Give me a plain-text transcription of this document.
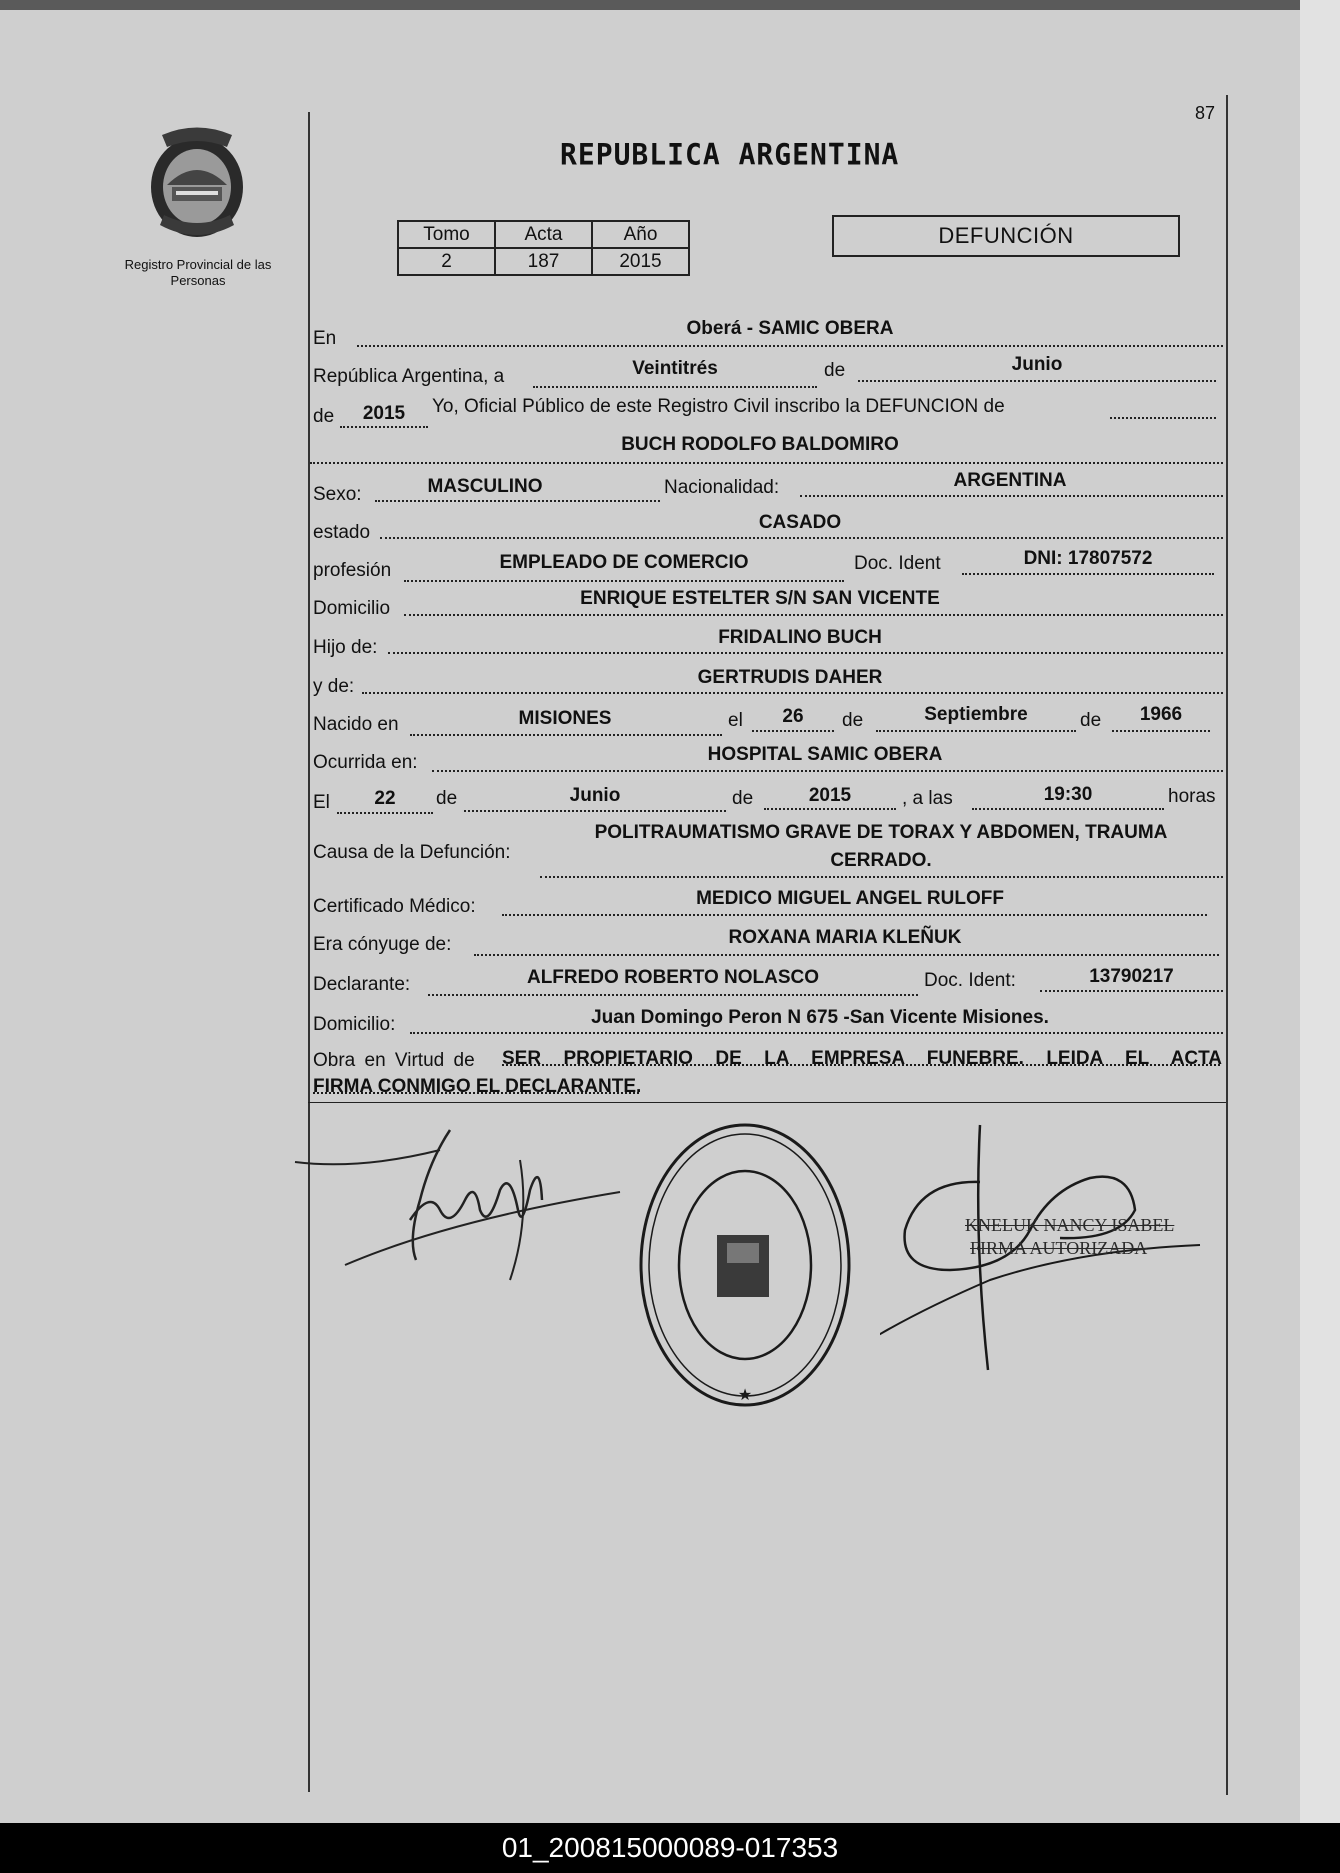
Registro Provincial de las Personas
87
REPUBLICA ARGENTINA
Tomo	Acta	Año
2	187	2015
DEFUNCIÓN
En	Oberá - SAMIC OBERA
República Argentina, a	Veintitrés	de	Junio
de	2015	Yo, Oficial Público de este Registro Civil inscribo la DEFUNCION de
BUCH RODOLFO BALDOMIRO
Sexo:	MASCULINO	Nacionalidad:	ARGENTINA
estado	CASADO
profesión	EMPLEADO DE COMERCIO	Doc. Ident	DNI: 17807572
Domicilio	ENRIQUE ESTELTER S/N SAN VICENTE
Hijo de:	FRIDALINO BUCH
y de:	GERTRUDIS DAHER
Nacido en	MISIONES	el	26	de	Septiembre	de	1966
Ocurrida en:	HOSPITAL SAMIC OBERA
El	22	de	Junio	de	2015	, a las	19:30	horas
Causa de la Defunción:
POLITRAUMATISMO GRAVE DE TORAX Y ABDOMEN, TRAUMA
CERRADO.
Certificado Médico:	MEDICO MIGUEL ANGEL RULOFF
Era cónyuge de:	ROXANA MARIA KLEÑUK
Declarante:	ALFREDO ROBERTO NOLASCO	Doc. Ident:	13790217
Domicilio:	Juan Domingo Peron N 675 -San Vicente Misiones.
Obra en Virtud de SER PROPIETARIO DE LA EMPRESA FUNEBRE. LEIDA EL ACTA
FIRMA CONMIGO EL DECLARANTE.
★
KNELUK NANCY ISABEL
FIRMA AUTORIZADA
01_200815000089-017353
